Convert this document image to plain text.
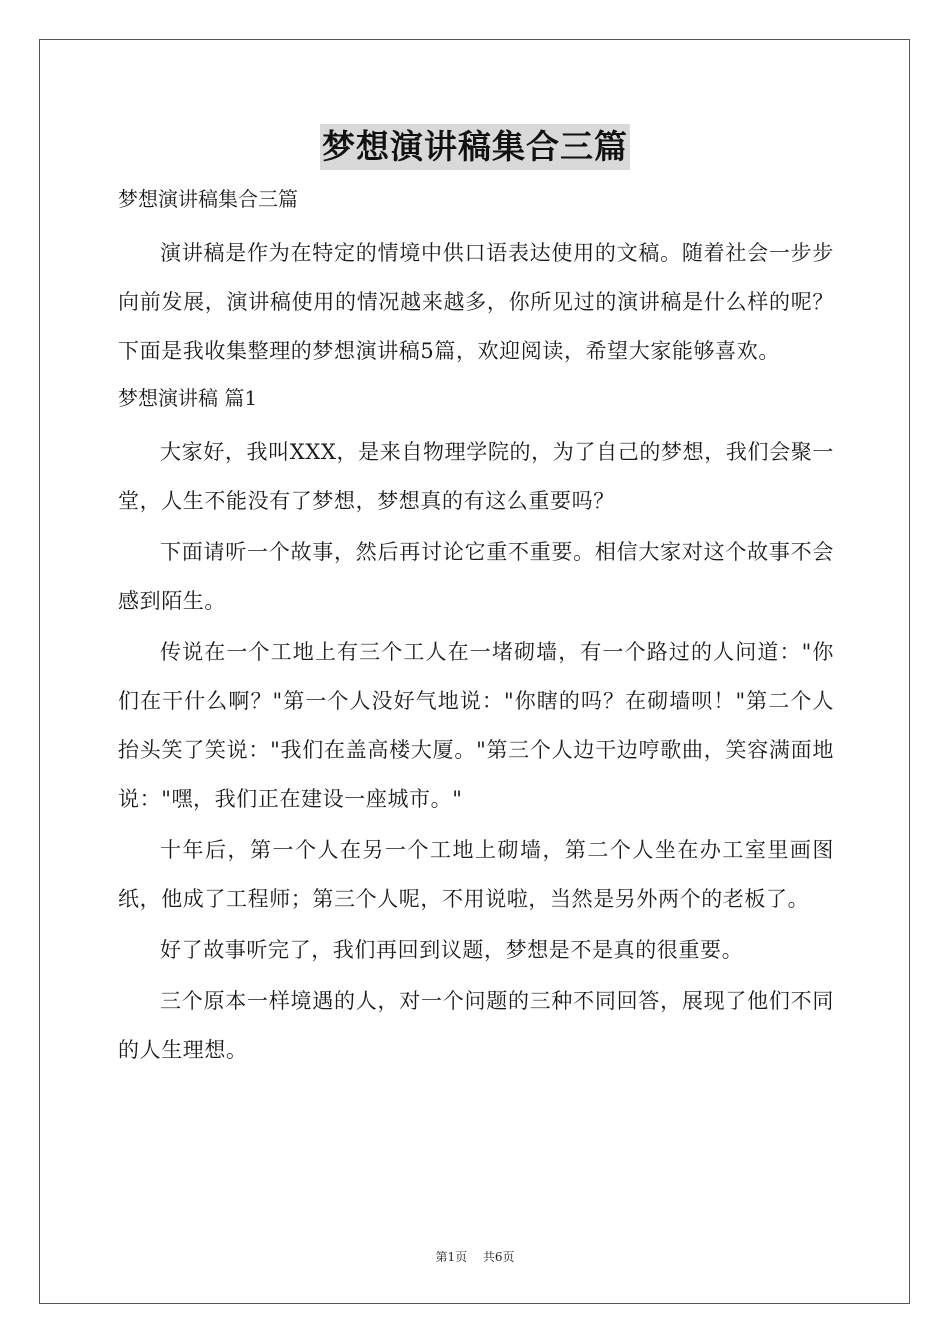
梦想演讲稿集合三篇
梦想演讲稿集合三篇

演讲稿是作为在特定的情境中供口语表达使用的文稿。随着社会一步步向前发展，演讲稿使用的情况越来越多，你所见过的演讲稿是什么样的呢？下面是我收集整理的梦想演讲稿5篇，欢迎阅读，希望大家能够喜欢。

梦想演讲稿 篇1

大家好，我叫XXX，是来自物理学院的，为了自己的梦想，我们会聚一堂，人生不能没有了梦想，梦想真的有这么重要吗？

下面请听一个故事，然后再讨论它重不重要。相信大家对这个故事不会感到陌生。

传说在一个工地上有三个工人在一堵砌墙，有一个路过的人问道："你们在干什么啊？"第一个人没好气地说："你瞎的吗？在砌墙呗！"第二个人抬头笑了笑说："我们在盖高楼大厦。"第三个人边干边哼歌曲，笑容满面地说："嘿，我们正在建设一座城市。"

十年后，第一个人在另一个工地上砌墙，第二个人坐在办工室里画图纸，他成了工程师；第三个人呢，不用说啦，当然是另外两个的老板了。

好了故事听完了，我们再回到议题，梦想是不是真的很重要。

三个原本一样境遇的人，对一个问题的三种不同回答，展现了他们不同的人生理想。

第1页 共6页
